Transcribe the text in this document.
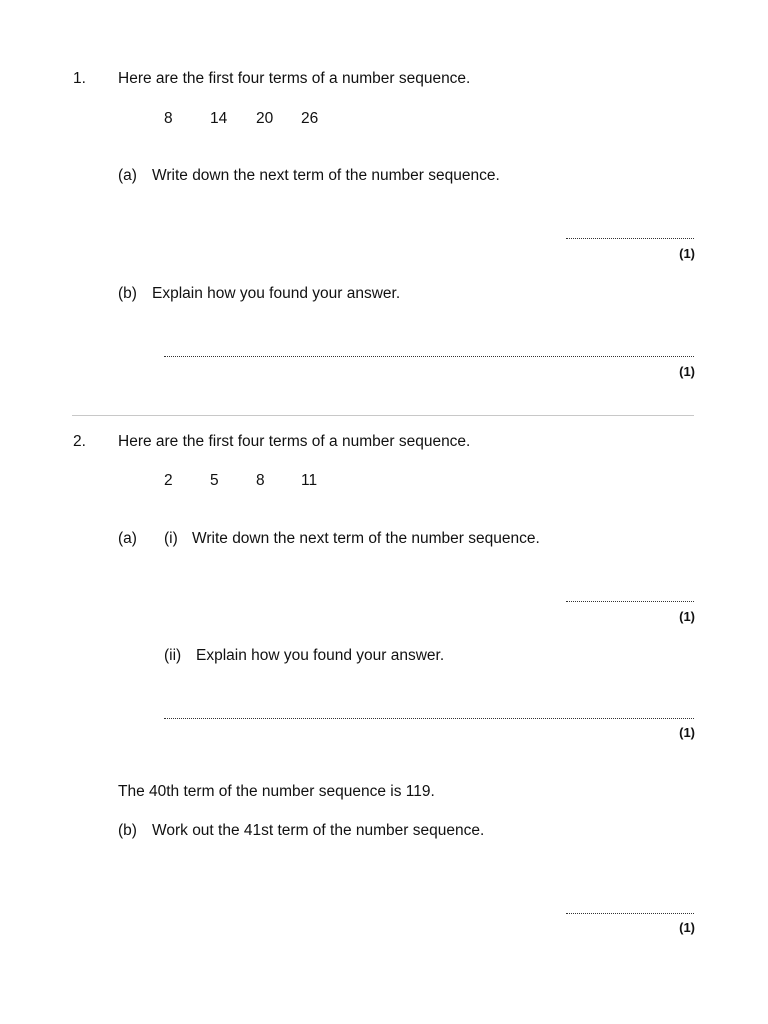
1. Here are the first four terms of a number sequence.
8 14 20 26
(a) Write down the next term of the number sequence.
(1)
(b) Explain how you found your answer.
(1)
2. Here are the first four terms of a number sequence.
2 5 8 11
(a) (i) Write down the next term of the number sequence.
(1)
(ii) Explain how you found your answer.
(1)
The 40th term of the number sequence is 119.
(b) Work out the 41st term of the number sequence.
(1)
